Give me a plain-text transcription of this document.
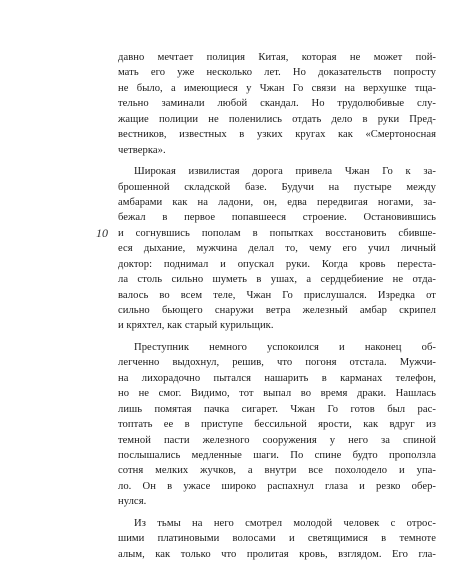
10
давно мечтает полиция Китая, которая не может пой-
мать его уже несколько лет. Но доказательств попросту
не было, а имеющиеся у Чжан Го связи на верхушке тща-
тельно заминали любой скандал. Но трудолюбивые слу-
жащие полиции не поленились отдать дело в руки Пред-
вестников, известных в узких кругах как «Смертоносная
четверка».
Широкая извилистая дорога привела Чжан Го к за-
брошенной складской базе. Будучи на пустыре между
амбарами как на ладони, он, едва передвигая ногами, за-
бежал в первое попавшееся строение. Остановившись
и согнувшись пополам в попытках восстановить сбивше-
еся дыхание, мужчина делал то, чему его учил личный
доктор: поднимал и опускал руки. Когда кровь переста-
ла столь сильно шуметь в ушах, а сердцебиение не отда-
валось во всем теле, Чжан Го прислушался. Изредка от
сильно бьющего снаружи ветра железный амбар скрипел
и кряхтел, как старый курильщик.
Преступник немного успокоился и наконец об-
легченно выдохнул, решив, что погоня отстала. Мужчи-
на лихорадочно пытался нашарить в карманах телефон,
но не смог. Видимо, тот выпал во время драки. Нашлась
лишь помятая пачка сигарет. Чжан Го готов был рас-
топтать ее в приступе бессильной ярости, как вдруг из
темной пасти железного сооружения у него за спиной
послышались медленные шаги. По спине будто проползла
сотня мелких жучков, а внутри все похолодело и упа-
ло. Он в ужасе широко распахнул глаза и резко обер-
нулся.
Из тьмы на него смотрел молодой человек с отрос-
шими платиновыми волосами и светящимися в темноте
алым, как только что пролитая кровь, взглядом. Его гла-
